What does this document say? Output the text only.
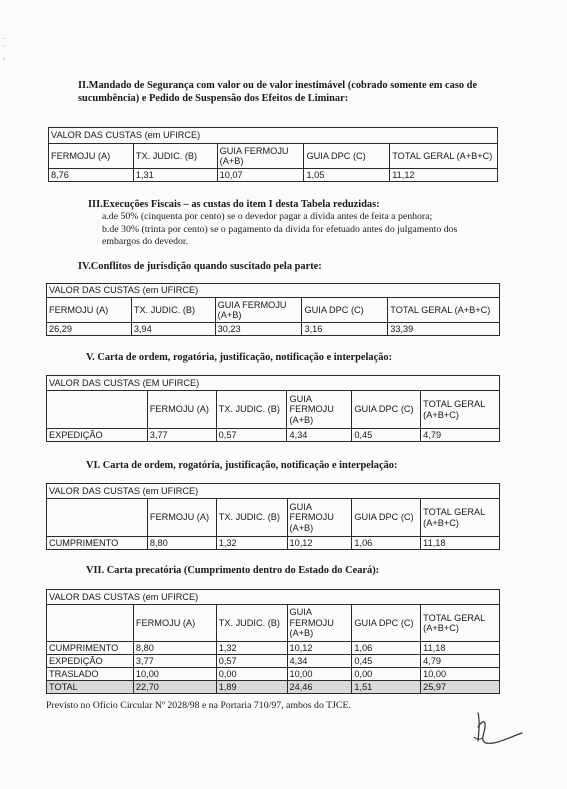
.
·
,
II.Mandado de Segurança com valor ou de valor inestimável (cobrado somente em caso de
sucumbência) e Pedido de Suspensão dos Efeitos de Liminar:
VALOR DAS CUSTAS (em UFIRCE)				
FERMOJU (A)	TX. JUDIC. (B)	GUIA FERMOJU (A+B)	GUIA DPC (C)	TOTAL GERAL (A+B+C)
8,76	1,31	10,07	1,05	11,12
III.Execuções Fiscais – as custas do item I desta Tabela reduzidas:
a.de 50% (cinquenta por cento) se o devedor pagar a dívida antes de feita a penhora;
b.de 30% (trinta por cento) se o pagamento da dívida for efetuado antes do julgamento dos
embargos do devedor.
IV.Conflitos de jurisdição quando suscitado pela parte:
VALOR DAS CUSTAS (em UFIRCE)				
FERMOJU (A)	TX. JUDIC. (B)	GUIA FERMOJU (A+B)	GUIA DPC (C)	TOTAL GERAL (A+B+C)
26,29	3,94	30,23	3,16	33,39
V. Carta de ordem, rogatória, justificação, notificação e interpelação:
VALOR DAS CUSTAS (EM UFIRCE)					
	FERMOJU (A)	TX. JUDIC. (B)	GUIA FERMOJU (A+B)	GUIA DPC (C)	TOTAL GERAL (A+B+C)
EXPEDIÇÃO	3,77	0,57	4,34	0,45	4,79
VI. Carta de ordem, rogatória, justificação, notificação e interpelação:
VALOR DAS CUSTAS (em UFIRCE)					
	FERMOJU (A)	TX. JUDIC. (B)	GUIA FERMOJU (A+B)	GUIA DPC (C)	TOTAL GERAL (A+B+C)
CUMPRIMENTO	8,80	1,32	10,12	1,06	11,18
VII. Carta precatória (Cumprimento dentro do Estado do Ceará):
VALOR DAS CUSTAS (em UFIRCE)					
	FERMOJU (A)	TX. JUDIC. (B)	GUIA FERMOJU (A+B)	GUIA DPC (C)	TOTAL GERAL (A+B+C)
CUMPRIMENTO	8,80	1,32	10,12	1,06	11,18
EXPEDIÇÃO	3,77	0,57	4,34	0,45	4,79
TRASLADO	10,00	0,00	10,00	0,00	10,00
TOTAL	22,70	1,89	24,46	1,51	25,97
Previsto no Ofício Circular Nº 2028/98 e na Portaria 710/97, ambos do TJCE.
